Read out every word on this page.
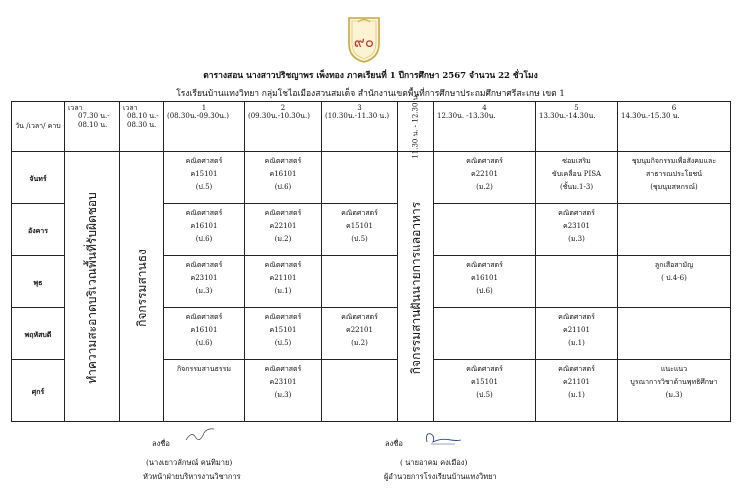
๙๐
ตารางสอน นางสาวปริชญาพร เพ็งทอง ภาคเรียนที่ 1 ปีการศึกษา 2567 จำนวน 22 ชั่วโมง
โรงเรียนบ้านแทงวิทยา กลุ่มโชไอเมืองสวนสมเด็จ สำนักงานเขตพื้นที่การศึกษาประถมศึกษาศรีสะเกษ เขต 1
วัน /เวลา/ คาบ	เวลา

07.30 น.- 08.10 น.	เวลา

08.10 น.- 08.30 น.	1
(08.30น.-09.30น.)	2
(09.30น.-10.30น.)	3
(10.30น.-11.30 น.)	11.30 น. - 12.30 น.	4
12.30น. -13.30น.	5
13.30น.-14.30น.	6
14.30น.-15.30 น.
จันทร์	ทำความสะอาดบริเวณพื้นที่รับผิดชอบ	กิจกรรมสานธง	คณิตศาสตร์
ค15101
(ป.5)	คณิตศาสตร์
ค16101
(ป.6)		กิจกรรมสานฝันนายการแลอาหาร	คณิตศาสตร์
ค22101
(ม.2)	ซ่อมเสริม
ขับเคลื่อน PISA
(ชั้นม.1-3)	ชุมนุมกิจกรรมเพื่อสังคมและ
สาธารณประโยชน์
(ชุมนุมสหกรณ์)

อังคาร			คณิตศาสตร์
ค16101
(ป.6)	คณิตศาสตร์
ค22101
(ม.2)	คณิตศาสตร์
ค15101
(ป.5)			คณิตศาสตร์
ค23101
(ม.3)	

พุธ			คณิตศาสตร์
ค23101
(ม.3)	คณิตศาสตร์
ค21101
(ม.1)			คณิตศาสตร์
ค16101
(ป.6)		ลูกเสือสามัญ
( ป.4-6)

พฤหัสบดี			คณิตศาสตร์
ค16101
(ป.6)	คณิตศาสตร์
ค15101
(ป.5)	คณิตศาสตร์
ค22101
(ม.2)			คณิตศาสตร์
ค21101
(ม.1)	

ศุกร์			กิจกรรมสานธรรม	คณิตศาสตร์
ค23101
(ม.3)			คณิตศาสตร์
ค15101
(ป.5)	คณิตศาสตร์
ค21101
(ม.1)	แนะแนว
บูรณาการวิชาด้านพุทธิศึกษา
(ม.3)
ลงชื่อ
(นางเยาวลักษณ์ คนทิมาย)
หัวหน้าฝ่ายบริหารงานวิชาการ
ลงชื่อ
( นายอาคม คงเมือง)
ผู้อำนวยการโรงเรียนบ้านแทงวิทยา
